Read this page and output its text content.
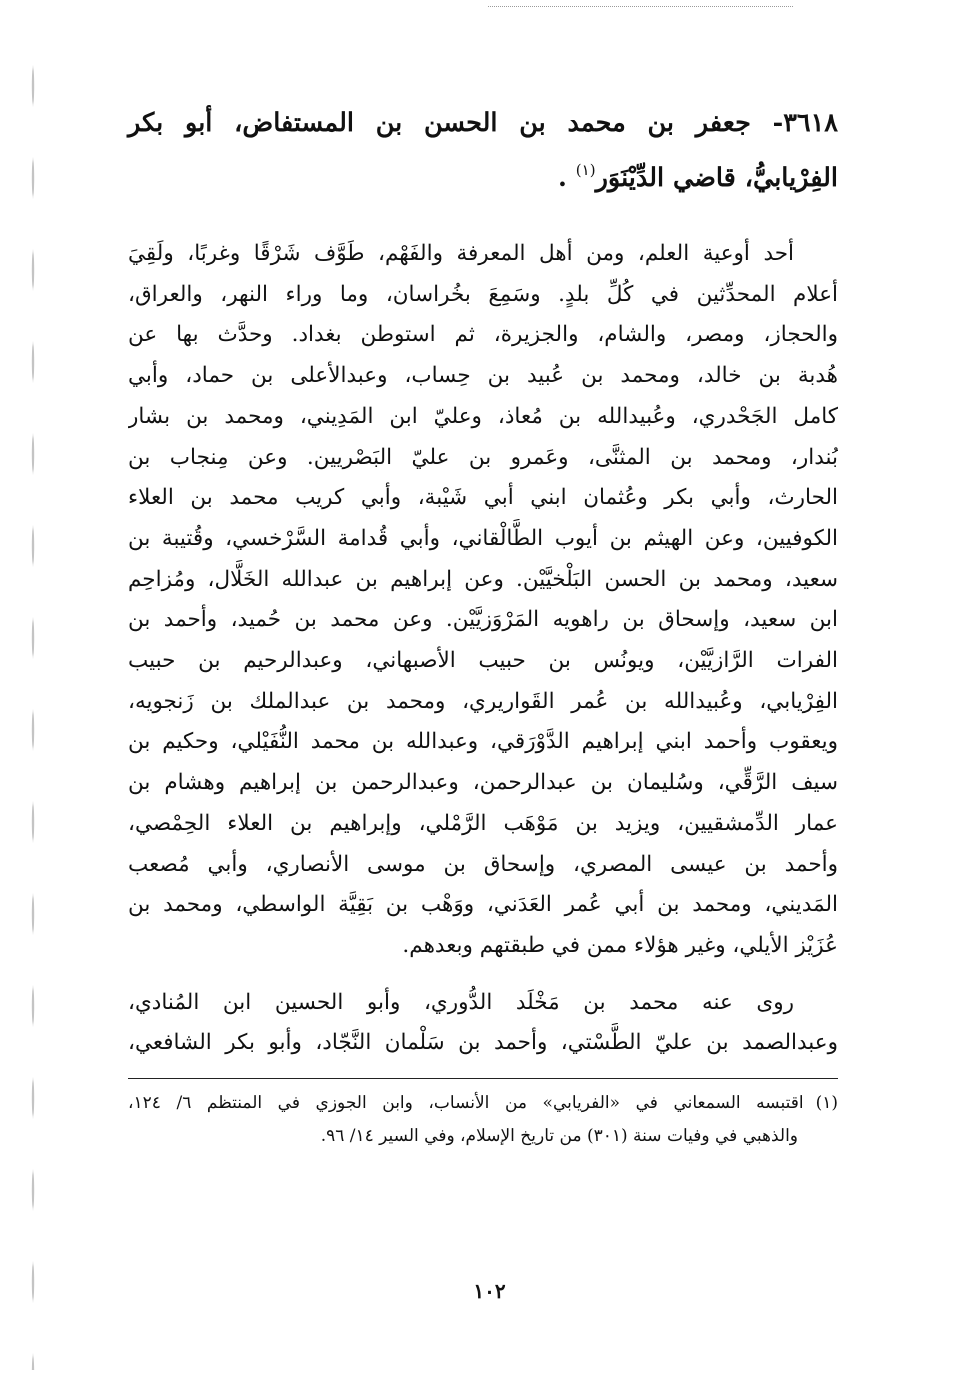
٣٦١٨- جعفر بن محمد بن الحسن بن المستفاض، أبو بكر
الفِرْيابيُّ، قاضي الدِّيْنَوَر$^{(١)}$ .

أحد أوعية العلم، ومن أهل المعرفة والفَهْم، طَوَّف شَرْقًا وغربًا، ولَقِيَ
أعلام المحدِّثين في كُلِّ بلدٍ. وسَمِعَ بخُراسان، وما وراء النهر، والعراق،
والحجاز، ومصر، والشام، والجزيرة، ثم استوطن بغداد. وحدَّث بها عن
هُدبة بن خالد، ومحمد بن عُبيد بن حِساب، وعبدالأعلى بن حماد، وأبي
كامل الجَحْدري، وعُبيدالله بن مُعاذ، وعليّ ابن المَدِيني، ومحمد بن بشار
بُندار، ومحمد بن المثنَّى، وعَمرو بن عليّ البَصْريين. وعن مِنجاب بن
الحارث، وأبي بكر وعُثمان ابني أبي شَيْبة، وأبي كريب محمد بن العلاء
الكوفيين، وعن الهيثم بن أيوب الطَّالْقاني، وأبي قُدامة السَّرْخسي، وقُتيبة بن
سعيد، ومحمد بن الحسن البَلْخيَّيْن. وعن إبراهيم بن عبدالله الخَلَّال، ومُزاحِم
ابن سعيد، وإسحاق بن راهويه المَرْوَزيَّيْن. وعن محمد بن حُميد، وأحمد بن
الفرات الرَّازيَّيْن، ويونُس بن حبيب الأصبهاني، وعبدالرحيم بن حبيب
الفِرْيابي، وعُبيدالله بن عُمر القَواريري، ومحمد بن عبدالملك بن زَنجويه،
ويعقوب وأحمد ابني إبراهيم الدَّوْرَقي، وعبدالله بن محمد النُّفَيْلي، وحكيم بن
سيف الرَّقِّي، وسُليمان بن عبدالرحمن، وعبدالرحمن بن إبراهيم وهشام بن
عمار الدِّمشقيين، ويزيد بن مَوْهَب الرَّمْلي، وإبراهيم بن العلاء الحِمْصي،
وأحمد بن عيسى المصري، وإسحاق بن موسى الأنصاري، وأبي مُصعب
المَديني، ومحمد بن أبي عُمر العَدَني، ووَهْب بن بَقِيَّة الواسطي، ومحمد بن
عُزَيْز الأيلي، وغير هؤلاء ممن في طبقتهم وبعدهم.

روى عنه محمد بن مَخْلَد الدُّوري، وأبو الحسين ابن المُنادي،
وعبدالصمد بن عليّ الطَّسْتي، وأحمد بن سَلْمان النَّجّاد، وأبو بكر الشافعي،

(١)اقتبسه السمعاني في «الفريابي» من الأنساب، وابن الجوزي في المنتظم ٦/ ١٢٤،
والذهبي في وفيات سنة (٣٠١) من تاريخ الإسلام، وفي السير ١٤/ ٩٦.
١٠٢
